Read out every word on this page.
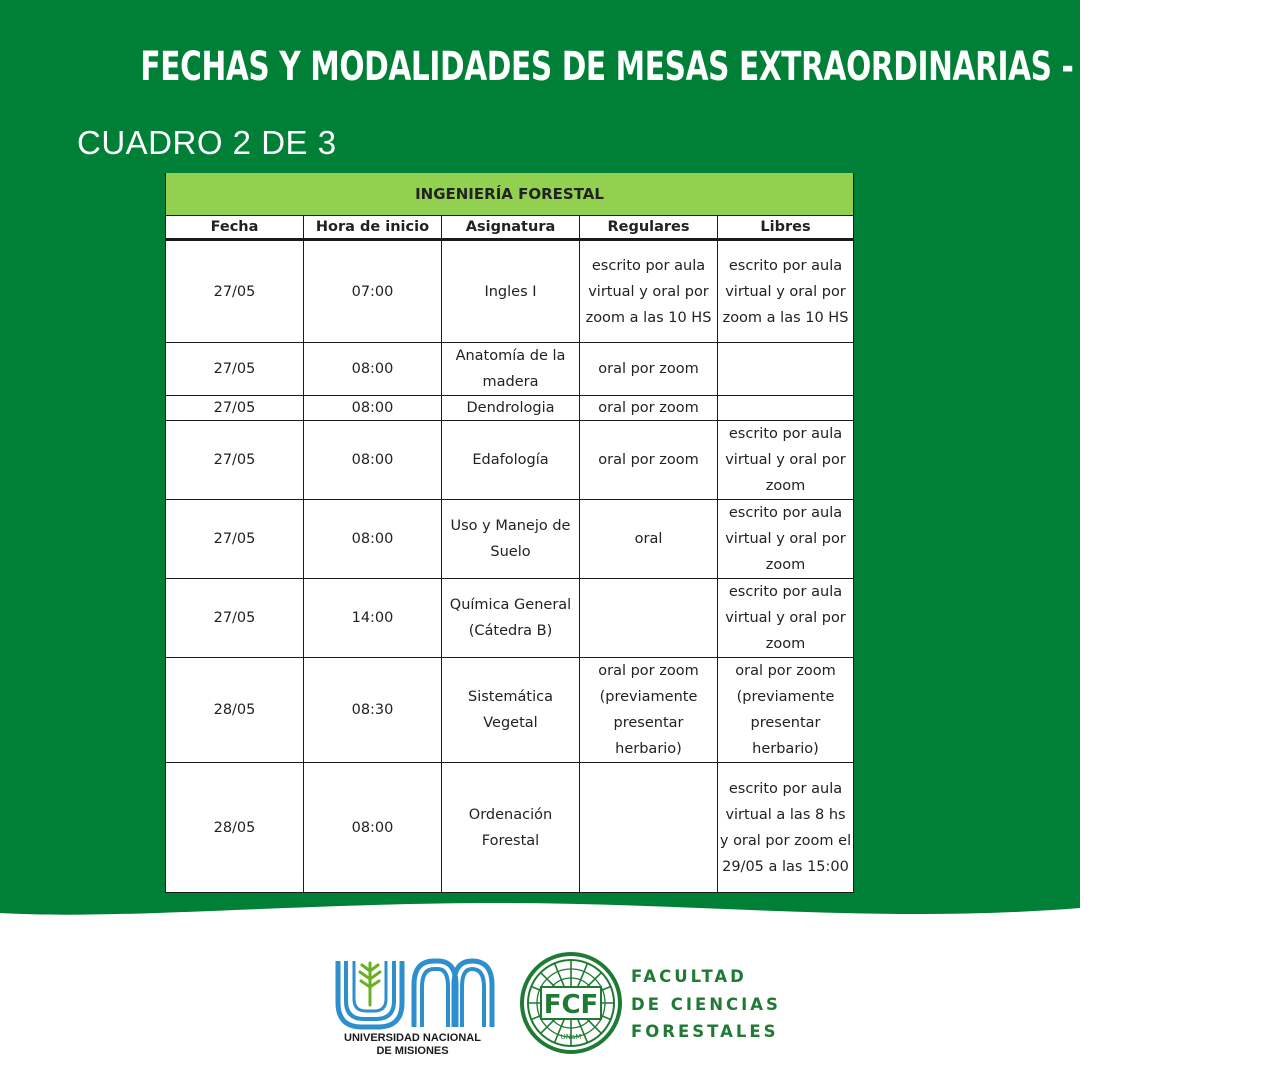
FECHAS Y MODALIDADES DE MESAS EXTRAORDINARIAS - MAYO 2021
CUADRO 2 DE 3
INGENIERÍA FORESTAL				
Fecha	Hora de inicio	Asignatura	Regulares	Libres
27/05	07:00	Ingles I	escrito por aula virtual y oral por zoom a las 10 HS	escrito por aula virtual y oral por zoom a las 10 HS
27/05	08:00	Anatomía de la madera	oral por zoom	
27/05	08:00	Dendrologia	oral por zoom	
27/05	08:00	Edafología	oral por zoom	escrito por aula virtual y oral por zoom
27/05	08:00	Uso y Manejo de Suelo	oral	escrito por aula virtual y oral por zoom
27/05	14:00	Química General (Cátedra B)		escrito por aula virtual y oral por zoom
28/05	08:30	Sistemática Vegetal	oral por zoom (previamente presentar herbario)	oral por zoom (previamente presentar herbario)
28/05	08:00	Ordenación Forestal		escrito por aula virtual a las 8 hs y oral por zoom el 29/05 a las 15:00
UNIVERSIDAD NACIONAL
DE MISIONES
FCF
UNaM
FACULTAD
DE CIENCIAS
FORESTALES
